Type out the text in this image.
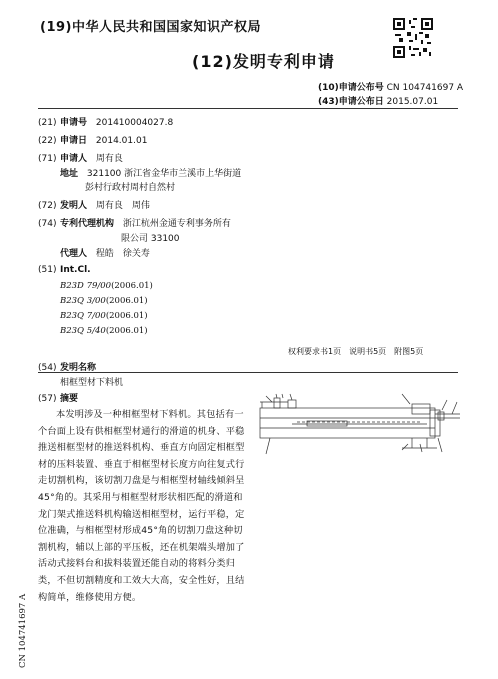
(19)中华人民共和国国家知识产权局
(12)发明专利申请
(10)申请公布号 CN 104741697 A
(43)申请公布日 2015.07.01
(21) 申请号 201410004027.8
(22) 申请日 2014.01.01
(71) 申请人 周有良
地址 321100 浙江省金华市兰溪市上华街道
彭村行政村周村自然村
(72) 发明人 周有良　周伟
(74) 专利代理机构 浙江杭州金通专利事务所有
限公司 33100
代理人 程皓　徐关寿
(51) Int.Cl.
B23D 79/00(2006.01)
B23Q 3/00(2006.01)
B23Q 7/00(2006.01)
B23Q 5/40(2006.01)
权利要求书1页　说明书5页　附图5页
(54) 发明名称
相框型材下料机
(57) 摘要
本发明涉及一种相框型材下料机。其包括有一个台面上设有供相框型材通行的滑道的机身、平稳推送相框型材的推送料机构、垂直方向固定相框型材的压料装置、垂直于相框型材长度方向往复式行走切割机构，该切割刀盘是与相框型材轴线倾斜呈45°角的。其采用与相框型材形状相匹配的滑道和龙门架式推送料机构输送相框型材，运行平稳，定位准确，与相框型材形成45°角的切割刀盘这种切割机构，辅以上部的平压板，还在机架端头增加了活动式接料台和拔料装置还能自动的将料分类归类，不但切割精度和工效大大高，安全性好，且结构简单，维修使用方便。
CN 104741697 A
